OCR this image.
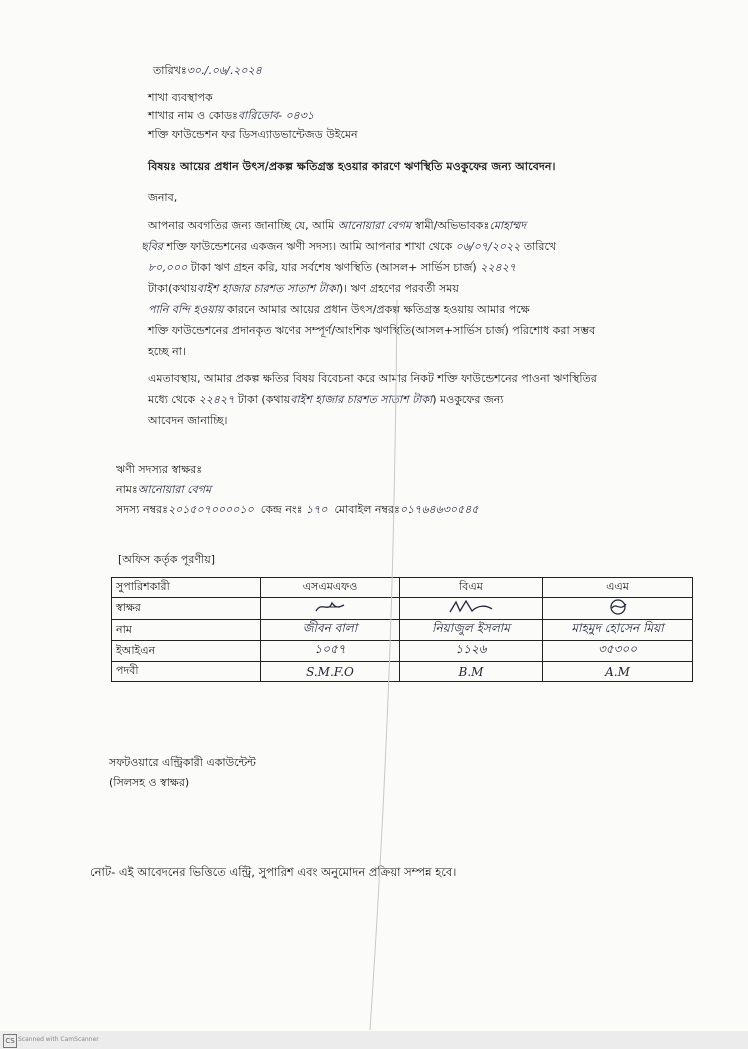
তারিখঃ৩০./.০৬/.২০২৪
শাখা ব্যবস্থাপক
শাখার নাম ও কোডঃবারিডোব- ০৪৩১
শক্তি ফাউন্ডেশন ফর ডিসএ্যাডভান্টেজড উইমেন
বিষয়ঃ আয়ের প্রধান উৎস/প্রকল্প ক্ষতিগ্রস্ত হওয়ার কারণে ঋণস্থিতি মওকুফের জন্য আবেদন।
জনাব,
আপনার অবগতির জন্য জানাচ্ছি যে, আমি আনোয়ারা বেগম স্বামী/অভিভাবকঃমোহাম্মদ
ছবির শক্তি ফাউন্ডেশনের একজন ঋণী সদস্য। আমি আপনার শাখা থেকে ০৬/০৭/২০২২ তারিখে
৮০,০০০ টাকা ঋণ গ্রহন করি, যার সর্বশেষ ঋণস্থিতি (আসল+ সার্ভিস চার্জ) ২২৪২৭
টাকা(কথায়বাইশ হাজার চারশত সাতাশ টাকা)। ঋণ গ্রহণের পরবর্তী সময়
পানি বন্দি হওয়ায় কারনে আমার আয়ের প্রধান উৎস/প্রকল্প ক্ষতিগ্রস্ত হওয়ায় আমার পক্ষে
শক্তি ফাউন্ডেশনের প্রদানকৃত ঋণের সম্পূর্ণ/আংশিক ঋণস্থিতি(আসল+সার্ভিস চার্জ) পরিশোধ করা সম্ভব
হচ্ছে না।
এমতাবস্থায়, আমার প্রকল্প ক্ষতির বিষয় বিবেচনা করে আমার নিকট শক্তি ফাউন্ডেশনের পাওনা ঋণস্থিতির
মধ্যে থেকে ২২৪২৭ টাকা (কথায়বাইশ হাজার চারশত সাতাশ টাকা) মওকুফের জন্য
আবেদন জানাচ্ছি।
ঋণী সদস্যর স্বাক্ষরঃ
নামঃআনোয়ারা বেগম
সদস্য নম্বরঃ২০১৫০৭০০০০১০ কেন্দ্র নংঃ ১৭০ মোবাইল নম্বরঃ০১৭৬৪৬৩০৫৪৫
[অফিস কর্তৃক পূরণীয়]
সুপারিশকারী	এসএমএফও	বিএম	এএম
স্বাক্ষর			
নাম	জীবন বালা	নিয়াজুল ইসলাম	মাহমুদ হোসেন মিয়া
ইআইএন	১০৫৭	১১২৬	৩৫৩০০
পদবী	S.M.F.O	B.M	A.M
সফটওয়ারে এন্ট্রিকারী একাউন্টেন্ট
(সিলসহ ও স্বাক্ষর)
নোট- এই আবেদনের ভিত্তিতে এন্ট্রি, সুপারিশ এবং অনুমোদন প্রক্রিয়া সম্পন্ন হবে।
CS Scanned with CamScanner
